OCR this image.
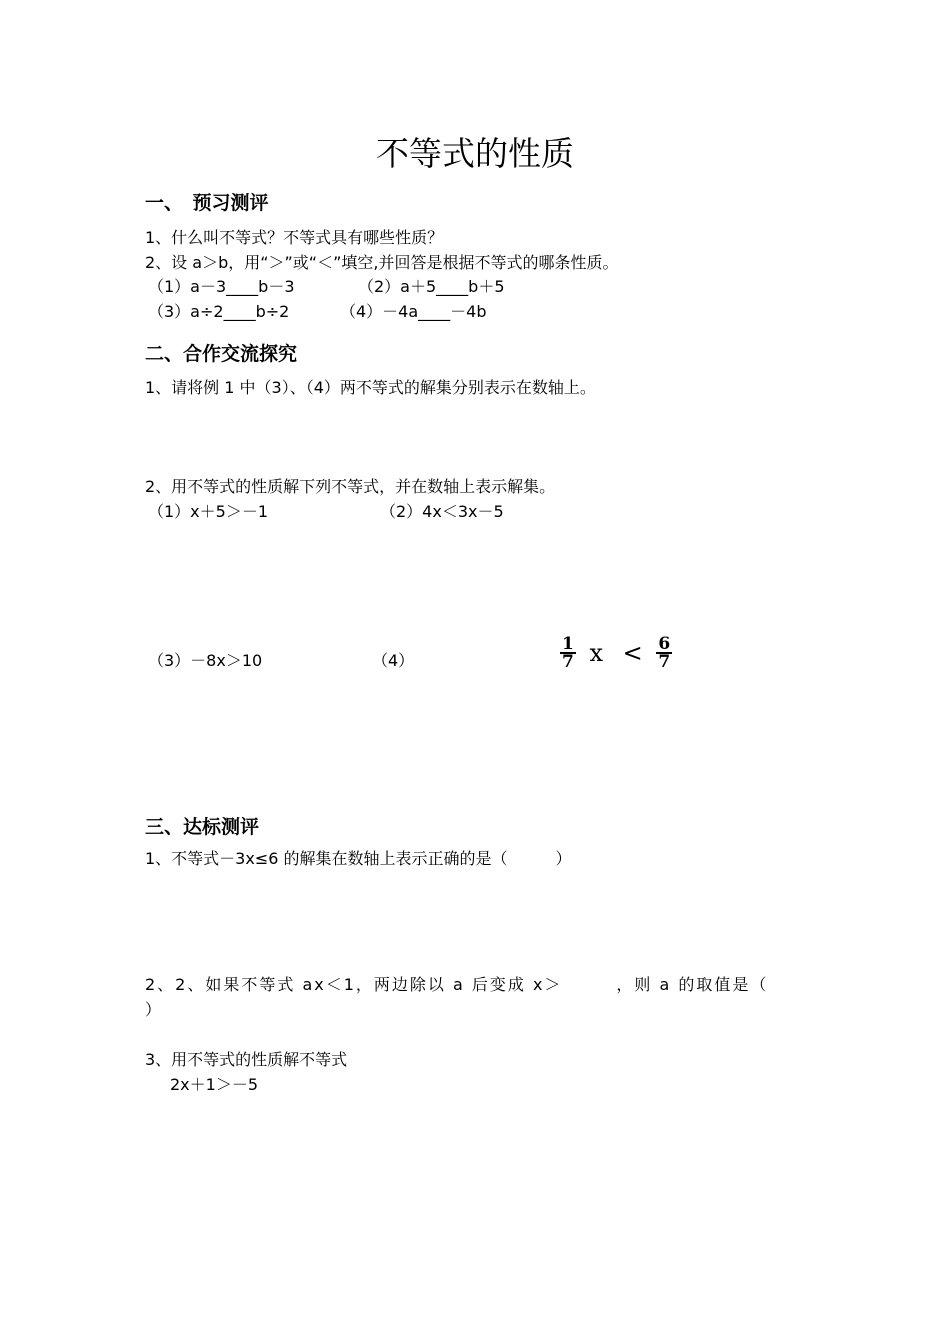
不等式的性质
一、　预习测评
1、什么叫不等式？不等式具有哪些性质？
2、设 a＞b，用“＞”或“＜”填空,并回答是根据不等式的哪条性质。
（1）a－3____b－3	（2）a＋5____b＋5
（3）a÷2____b÷2	（4）－4a____－4b
二、合作交流探究
1、请将例 1 中（3）、（4）两不等式的解集分别表示在数轴上。
2、用不等式的性质解下列不等式，并在数轴上表示解集。
（1）x＋5＞－1	（2）4x＜3x－5
（3）－8x＞10	（4）	$\frac{1}{7}$ $x < \frac{6}{7}$
三、达标测评
1、不等式－3x≤6 的解集在数轴上表示正确的是（　　　）
2、2、如果不等式 ax＜1，两边除以 a 后变成 x＞　　　，则 a 的取值是（
）
3、用不等式的性质解不等式
2x＋1＞－5
